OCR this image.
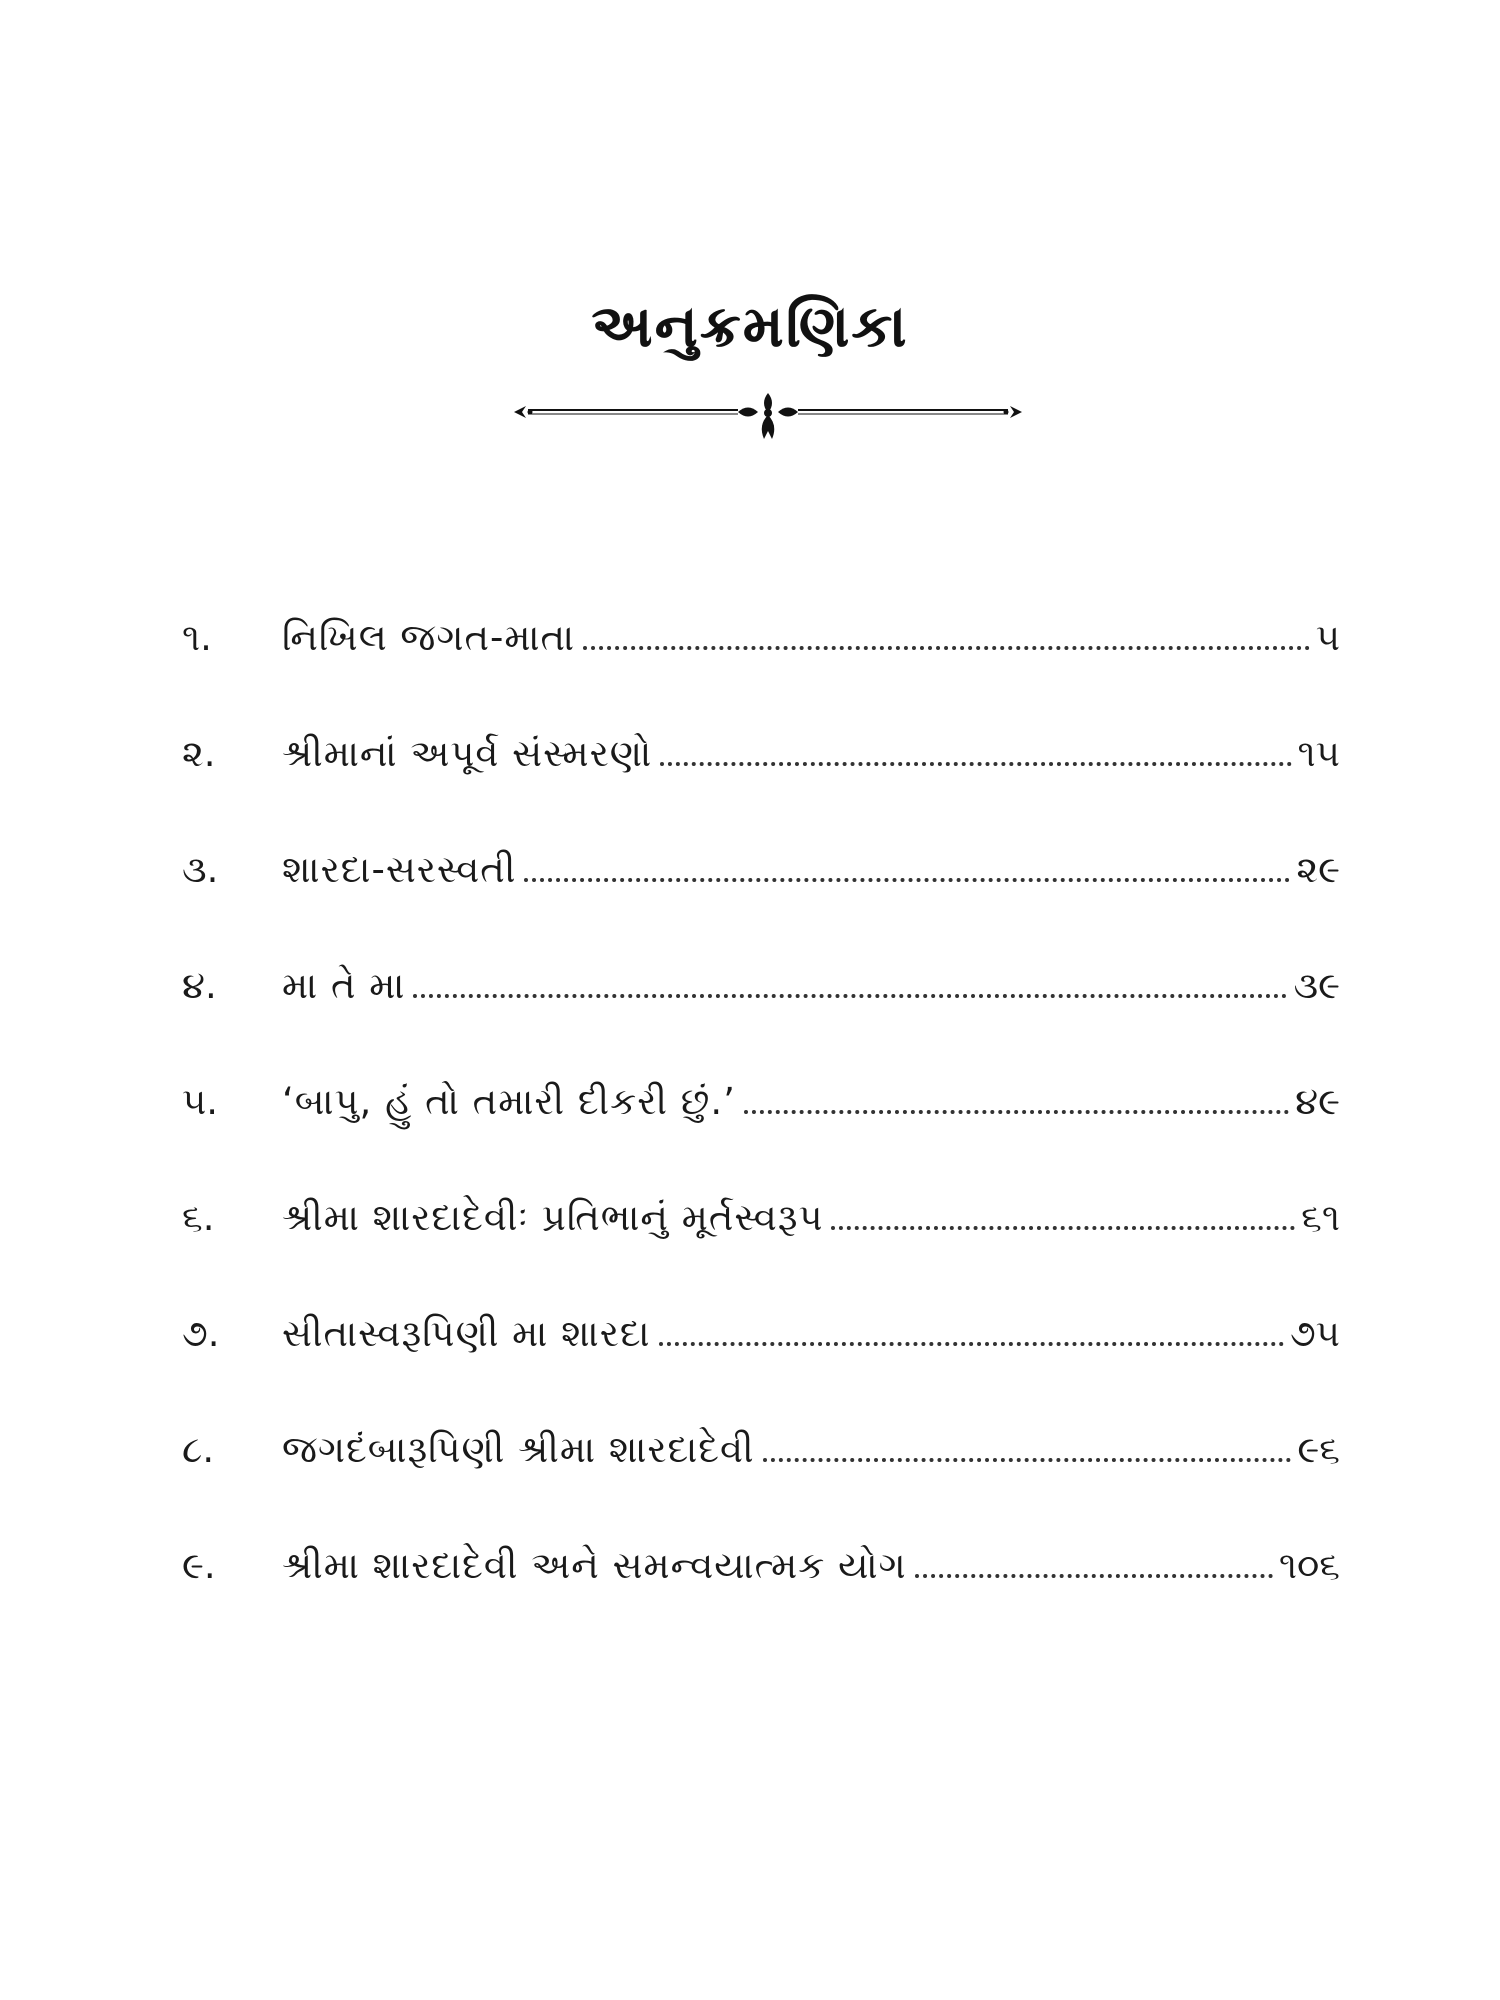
અનુક્રમણિકા
૧.	નિખિલ જગત-માતા	૫
૨.	શ્રીમાનાં અપૂર્વ સંસ્મરણો	૧૫
૩.	શારદા-સરસ્વતી	૨૯
૪.	મા તે મા	૩૯
૫.	‘બાપુ, હું તો તમારી દીકરી છું.’	૪૯
૬.	શ્રીમા શારદાદેવીઃ પ્રતિભાનું મૂર્તસ્વરૂપ	૬૧
૭.	સીતાસ્વરૂપિણી મા શારદા	૭૫
૮.	જગદંબારૂપિણી શ્રીમા શારદાદેવી	૯૬
૯.	શ્રીમા શારદાદેવી અને સમન્વયાત્મક યોગ	૧૦૬
